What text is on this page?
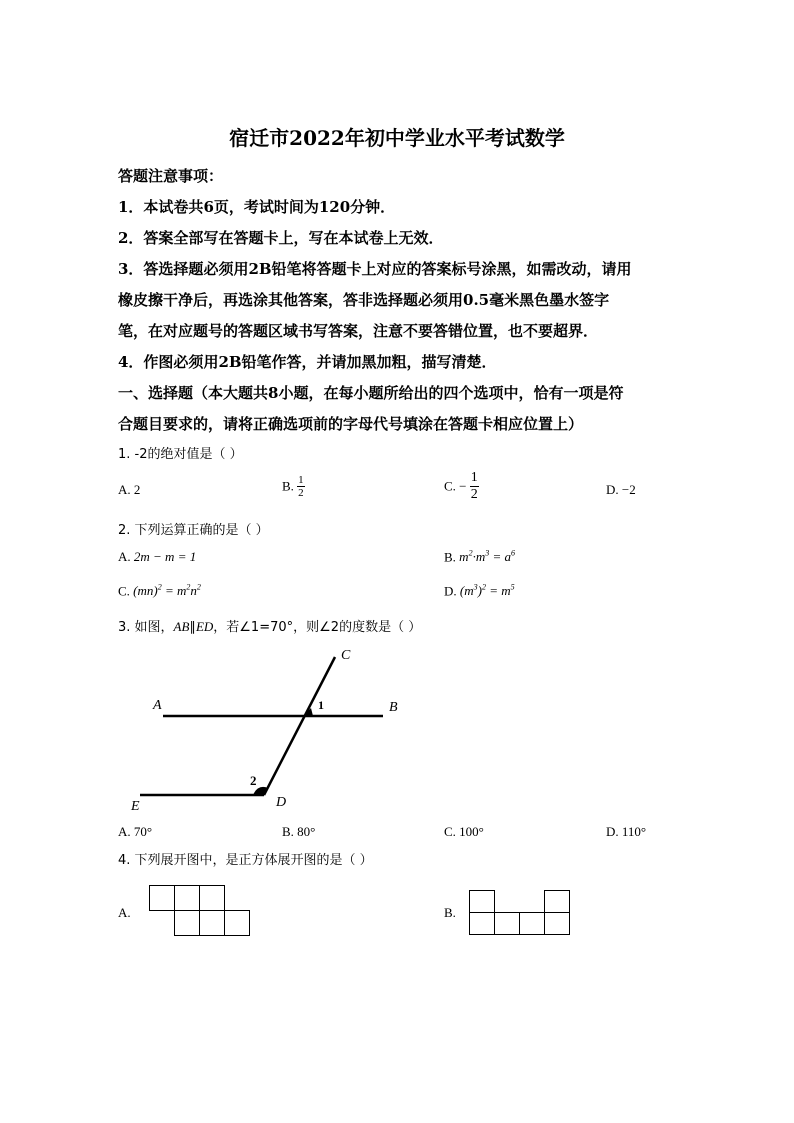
宿迁市2022年初中学业水平考试数学
答题注意事项：
1．本试卷共6页，考试时间为120分钟．
2．答案全部写在答题卡上，写在本试卷上无效．
3．答选择题必须用2B铅笔将答题卡上对应的答案标号涂黑，如需改动，请用
橡皮擦干净后，再选涂其他答案，答非选择题必须用0.5毫米黑色墨水签字
笔，在对应题号的答题区域书写答案，注意不要答错位置，也不要超界．
4．作图必须用2B铅笔作答，并请加黑加粗，描写清楚．
一、选择题（本大题共8小题，在每小题所给出的四个选项中，恰有一项是符
合题目要求的，请将正确选项前的字母代号填涂在答题卡相应位置上）
1. -2的绝对值是（ ）
A. 2	B. $\frac{1}{2}$	C. − $\frac{1}{2}$	D. −2
2. 下列运算正确的是（ ）
A. 2m − m = 1	B. $m^2\cdot m^3 = a^6$
C. $(mn)^2 = m^2n^2$	D. $(m^3)^2 = m^5$
3. 如图，AB∥ED，若∠1=70°，则∠2的度数是（ ）
A	B
C
D
E
1
2
A. 70°	B. 80°	C. 100°	D. 110°
4. 下列展开图中，是正方体展开图的是（ ）
A.	B.
